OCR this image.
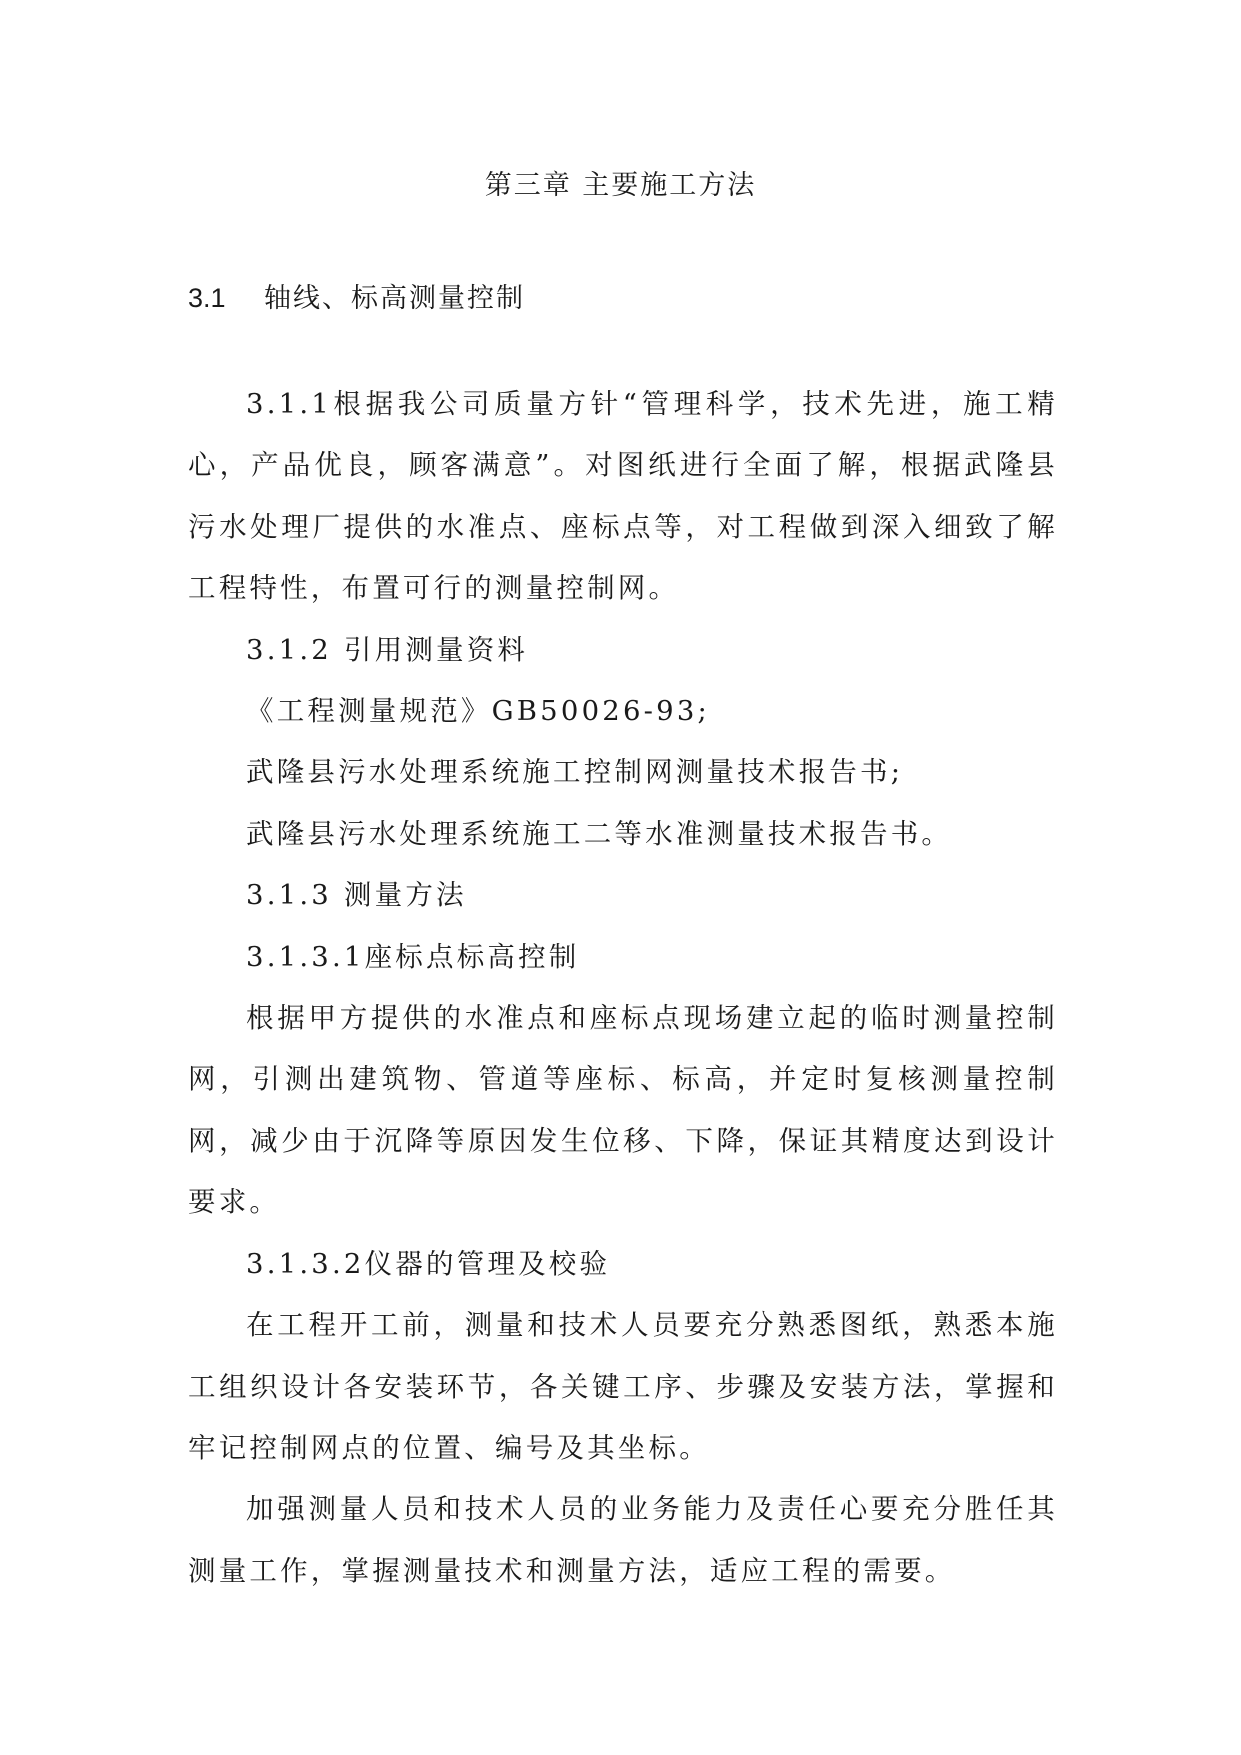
第三章 主要施工方法
3.1 轴线、标高测量控制

3.1.1根据我公司质量方针“管理科学，技术先进，施工精心，产品优良，顾客满意”。对图纸进行全面了解，根据武隆县污水处理厂提供的水准点、座标点等，对工程做到深入细致了解工程特性，布置可行的测量控制网。

3.1.2 引用测量资料

《工程测量规范》GB50026-93;

武隆县污水处理系统施工控制网测量技术报告书;

武隆县污水处理系统施工二等水准测量技术报告书。

3.1.3 测量方法

3.1.3.1座标点标高控制

根据甲方提供的水准点和座标点现场建立起的临时测量控制网，引测出建筑物、管道等座标、标高，并定时复核测量控制网，减少由于沉降等原因发生位移、下降，保证其精度达到设计要求。

3.1.3.2仪器的管理及校验

在工程开工前，测量和技术人员要充分熟悉图纸，熟悉本施工组织设计各安装环节，各关键工序、步骤及安装方法，掌握和牢记控制网点的位置、编号及其坐标。

加强测量人员和技术人员的业务能力及责任心要充分胜任其测量工作，掌握测量技术和测量方法，适应工程的需要。
